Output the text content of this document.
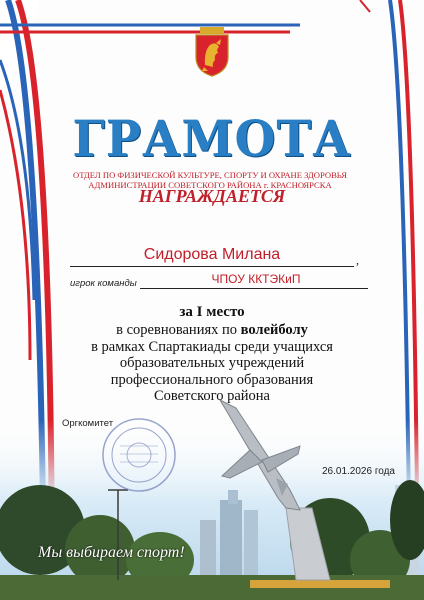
ГРАМОТА
ОТДЕЛ ПО ФИЗИЧЕСКОЙ КУЛЬТУРЕ, СПОРТУ И ОХРАНЕ ЗДОРОВЬЯ
АДМИНИСТРАЦИИ СОВЕТСКОГО РАЙОНА г. КРАСНОЯРСКА
НАГРАЖДАЕТСЯ
Сидорова Милана	,
игрок команды	ЧПОУ ККТЭКиП
за I место
в соревнованиях по волейболу
в рамках Спартакиады среди учащихся
образовательных учреждений
профессионального образования
Советского района
Оргкомитет
26.01.2026 года
Мы выбираем спорт!
